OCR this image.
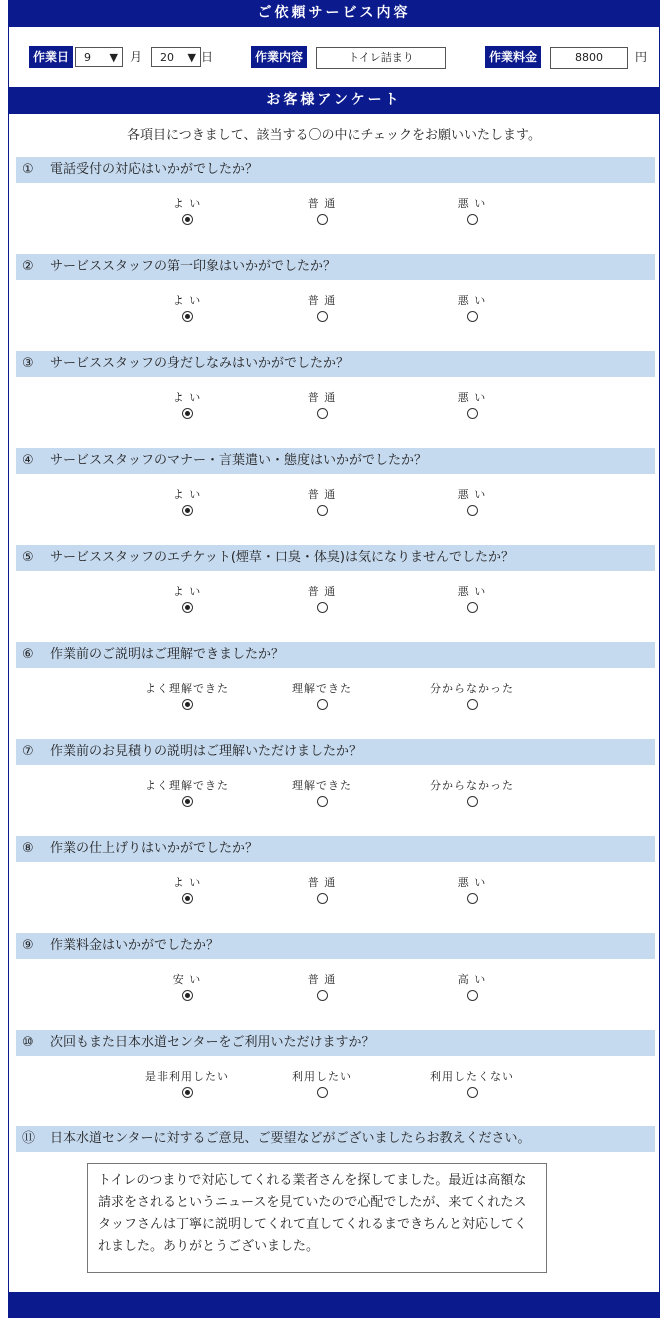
ご依頼サービス内容
作業日	9 ▼ 月 20 ▼ 日	作業内容	トイレ詰まり	作業料金	8800	円
お客様アンケート
各項目につきまして、該当する〇の中にチェックをお願いいたします。
① 電話受付の対応はいかがでしたか？
よ い	普 通	悪 い
② サービススタッフの第一印象はいかがでしたか？
よ い	普 通	悪 い
③ サービススタッフの身だしなみはいかがでしたか？
よ い	普 通	悪 い
④ サービススタッフのマナー・言葉遣い・態度はいかがでしたか？
よ い	普 通	悪 い
⑤ サービススタッフのエチケット(煙草・口臭・体臭)は気になりませんでしたか？
よ い	普 通	悪 い
⑥ 作業前のご説明はご理解できましたか？
よく理解できた	理解できた	分からなかった
⑦ 作業前のお見積りの説明はご理解いただけましたか？
よく理解できた	理解できた	分からなかった
⑧ 作業の仕上げりはいかがでしたか？
よ い	普 通	悪 い
⑨ 作業料金はいかがでしたか？
安 い	普 通	高 い
⑩ 次回もまた日本水道センターをご利用いただけますか？
是非利用したい	利用したい	利用したくない
⑪ 日本水道センターに対するご意見、ご要望などがございましたらお教えください。
トイレのつまりで対応してくれる業者さんを探してました。最近は高額な請求をされるというニュースを見ていたので心配でしたが、来てくれたスタッフさんは丁寧に説明してくれて直してくれるまできちんと対応してくれました。ありがとうございました。
